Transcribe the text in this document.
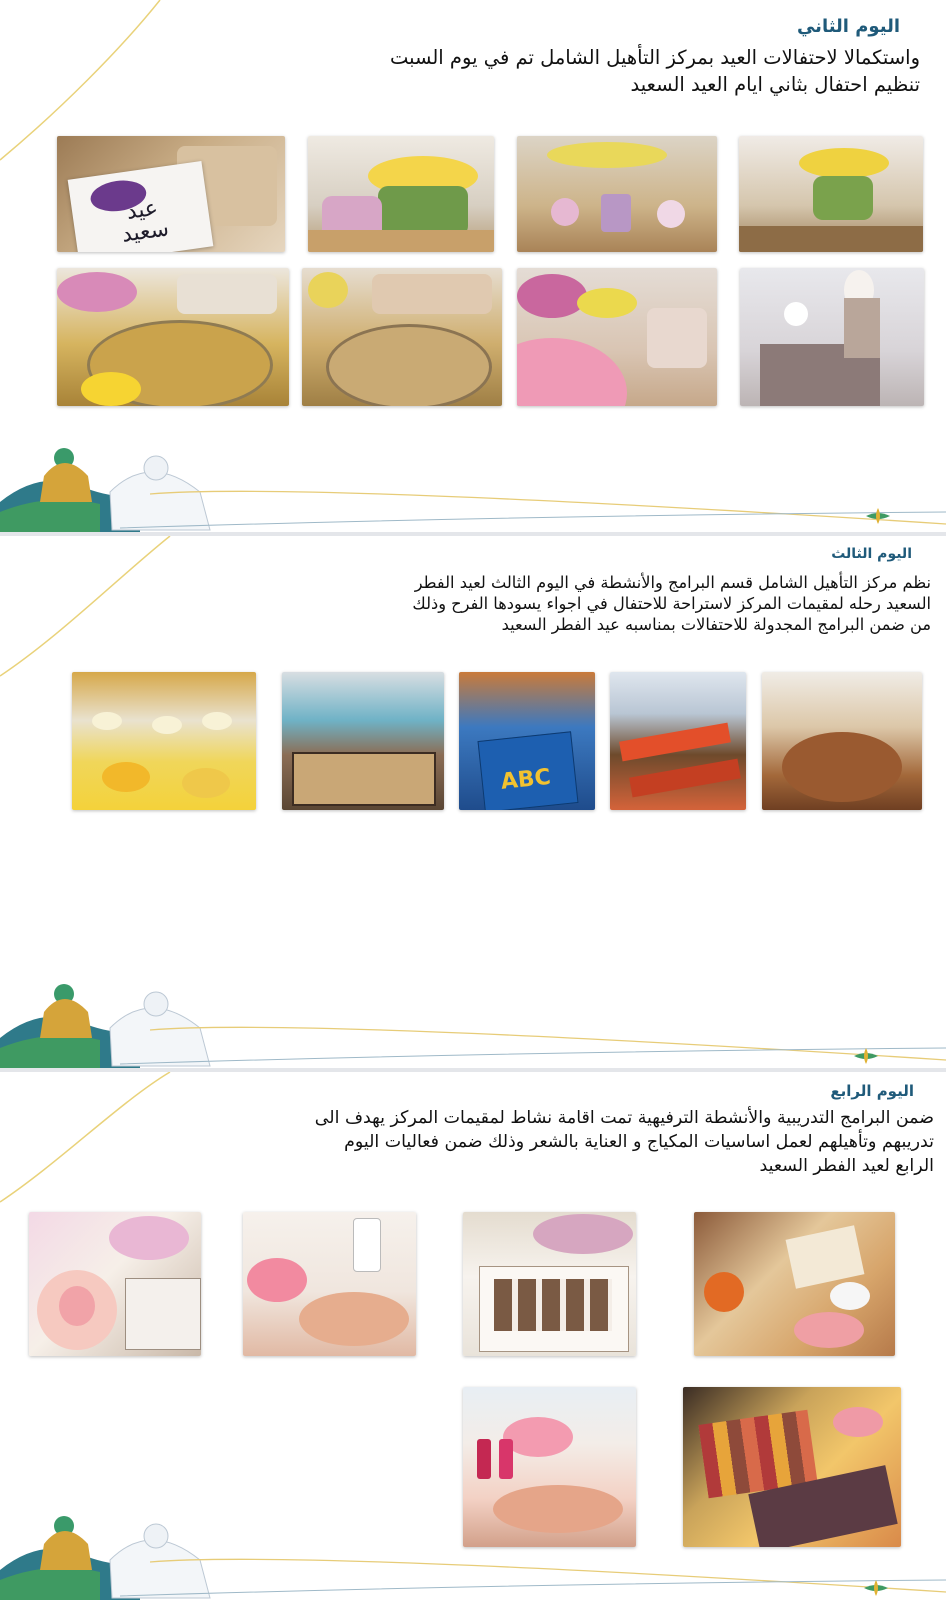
اليوم الثاني

واستكمالا لاحتفالات العيد بمركز التأهيل الشامل تم في يوم السبت
تنظيم احتفال بثاني ايام العيد السعيد

عيد
سعيد
اليوم الثالث

نظم مركز التأهيل الشامل قسم البرامج والأنشطة في اليوم الثالث لعيد الفطر
السعيد رحله لمقيمات المركز لاستراحة للاحتفال في اجواء يسودها الفرح وذلك
من ضمن البرامج المجدولة للاحتفالات بمناسبه عيد الفطر السعيد

ABC
اليوم الرابع

ضمن البرامج التدريبية والأنشطة الترفيهية تمت اقامة نشاط لمقيمات المركز يهدف الى
تدريبهم وتأهيلهم لعمل اساسيات المكياج و العناية بالشعر وذلك ضمن فعاليات اليوم
الرابع لعيد الفطر السعيد
